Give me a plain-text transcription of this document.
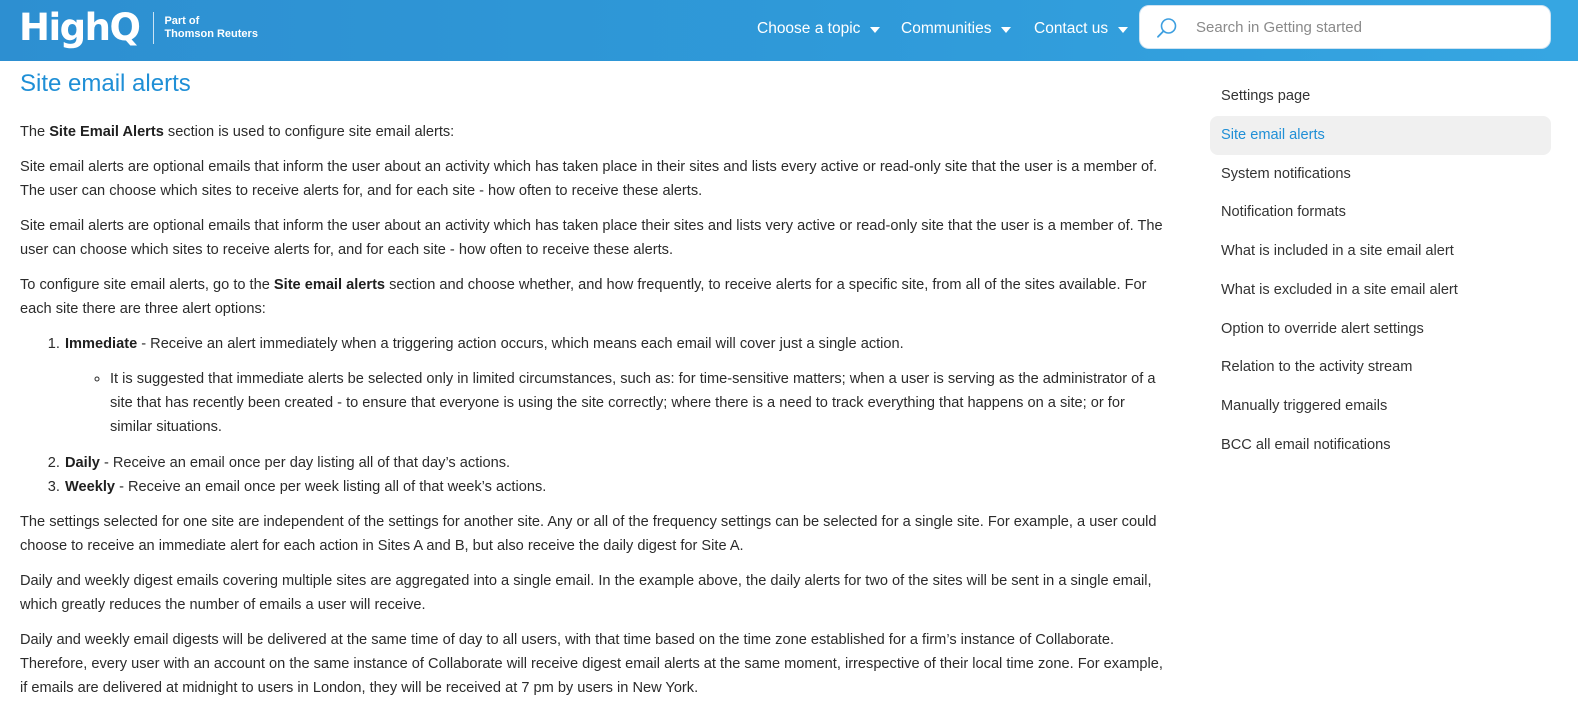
HighQ Part of
Thomson Reuters	Choose a topic	Communities	Contact us
Search in Getting started
Site email alerts

The Site Email Alerts section is used to configure site email alerts:

Site email alerts are optional emails that inform the user about an activity which has taken place in their sites and lists every active or read-only site that the user is a member of. The user can choose which sites to receive alerts for, and for each site - how often to receive these alerts.

Site email alerts are optional emails that inform the user about an activity which has taken place their sites and lists very active or read-only site that the user is a member of. The user can choose which sites to receive alerts for, and for each site - how often to receive these alerts.

To configure site email alerts, go to the Site email alerts section and choose whether, and how frequently, to receive alerts for a specific site, from all of the sites available. For each site there are three alert options:

1. Immediate - Receive an alert immediately when a triggering action occurs, which means each email will cover just a single action.
◦ It is suggested that immediate alerts be selected only in limited circumstances, such as: for time-sensitive matters; when a user is serving as the administrator of a site that has recently been created - to ensure that everyone is using the site correctly; where there is a need to track everything that happens on a site; or for similar situations.
2. Daily - Receive an email once per day listing all of that day’s actions.
3. Weekly - Receive an email once per week listing all of that week’s actions.

The settings selected for one site are independent of the settings for another site. Any or all of the frequency settings can be selected for a single site. For example, a user could choose to receive an immediate alert for each action in Sites A and B, but also receive the daily digest for Site A.

Daily and weekly digest emails covering multiple sites are aggregated into a single email. In the example above, the daily alerts for two of the sites will be sent in a single email, which greatly reduces the number of emails a user will receive.

Daily and weekly email digests will be delivered at the same time of day to all users, with that time based on the time zone established for a firm’s instance of Collaborate. Therefore, every user with an account on the same instance of Collaborate will receive digest email alerts at the same moment, irrespective of their local time zone. For example, if emails are delivered at midnight to users in London, they will be received at 7 pm by users in New York.

Settings page
Site email alerts
System notifications
Notification formats
What is included in a site email alert
What is excluded in a site email alert
Option to override alert settings
Relation to the activity stream
Manually triggered emails
BCC all email notifications
